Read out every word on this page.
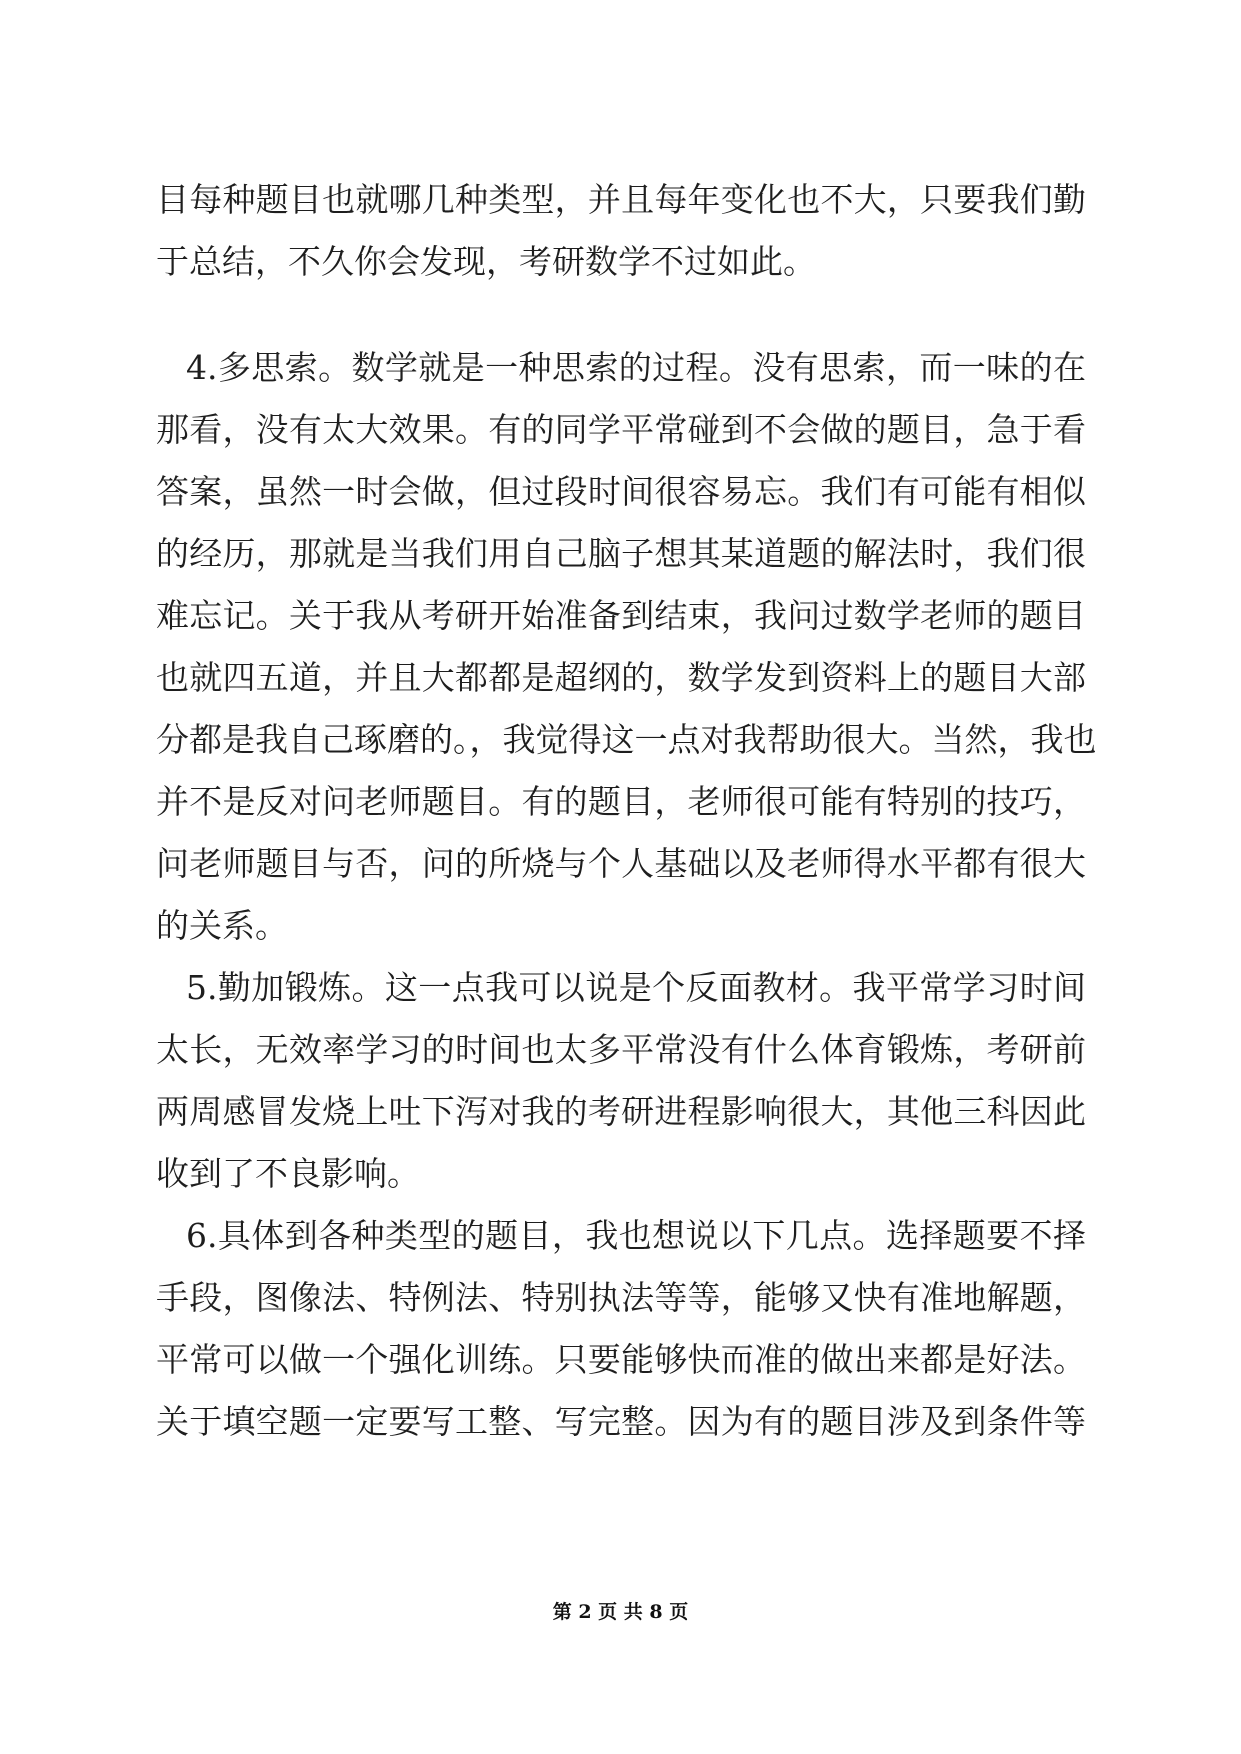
目每种题目也就哪几种类型，并且每年变化也不大，只要我们勤
于总结，不久你会发现，考研数学不过如此。
4.多思索。数学就是一种思索的过程。没有思索，而一味的在
那看，没有太大效果。有的同学平常碰到不会做的题目，急于看
答案，虽然一时会做，但过段时间很容易忘。我们有可能有相似
的经历，那就是当我们用自己脑子想其某道题的解法时，我们很
难忘记。关于我从考研开始准备到结束，我问过数学老师的题目
也就四五道，并且大都都是超纲的，数学发到资料上的题目大部
分都是我自己琢磨的。，我觉得这一点对我帮助很大。当然，我也
并不是反对问老师题目。有的题目，老师很可能有特别的技巧，
问老师题目与否，问的所烧与个人基础以及老师得水平都有很大
的关系。
5.勤加锻炼。这一点我可以说是个反面教材。我平常学习时间
太长，无效率学习的时间也太多平常没有什么体育锻炼，考研前
两周感冒发烧上吐下泻对我的考研进程影响很大，其他三科因此
收到了不良影响。
6.具体到各种类型的题目，我也想说以下几点。选择题要不择
手段，图像法、特例法、特别执法等等，能够又快有准地解题，
平常可以做一个强化训练。只要能够快而准的做出来都是好法。
关于填空题一定要写工整、写完整。因为有的题目涉及到条件等
第 2 页 共 8 页
